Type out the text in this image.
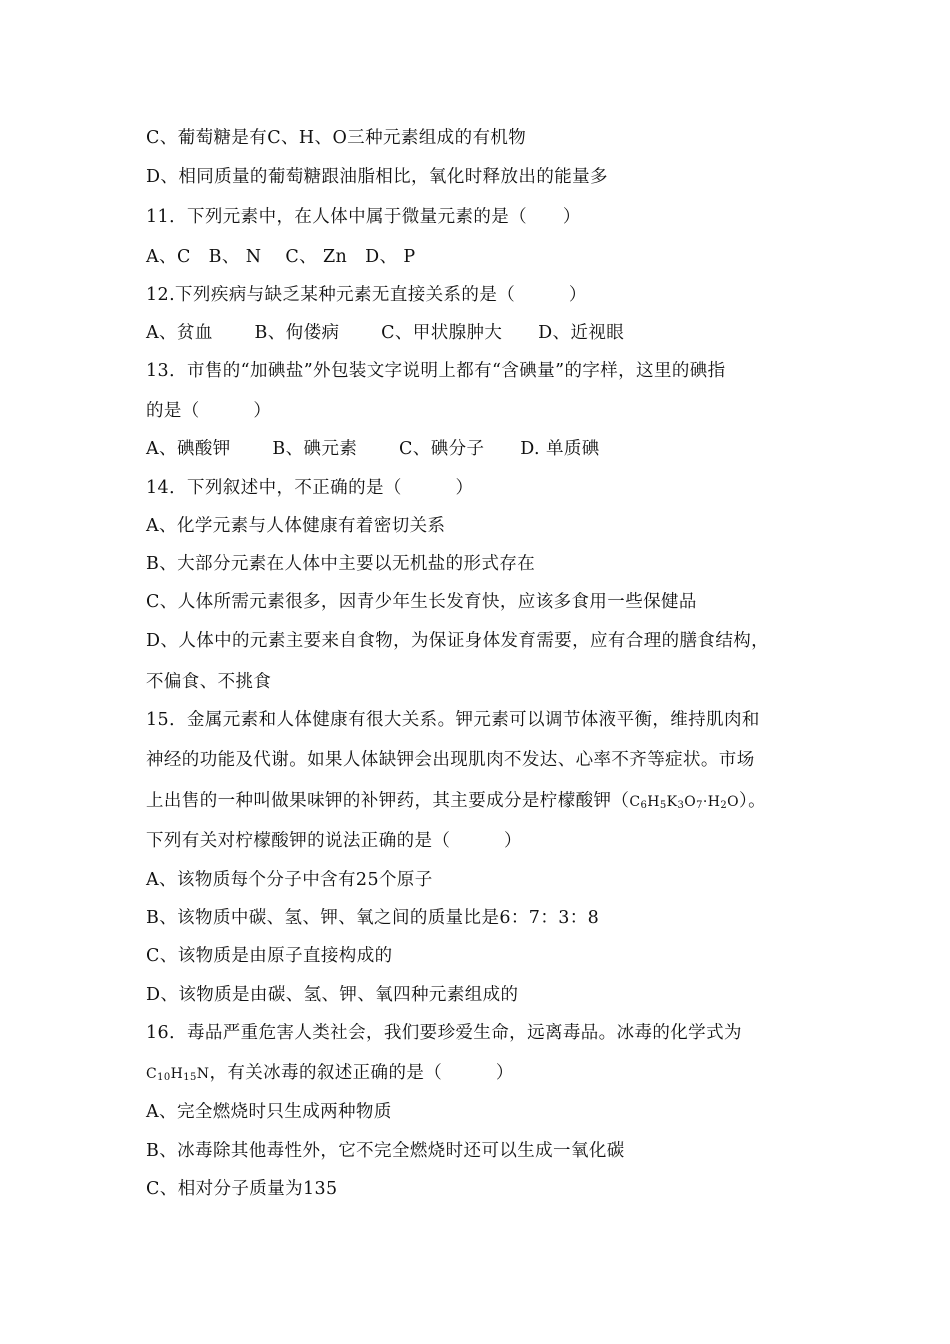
C、葡萄糖是有C、H、O三种元素组成的有机物
D、相同质量的葡萄糖跟油脂相比，氧化时释放出的能量多
11．下列元素中，在人体中属于微量元素的是（　　）
A、C　B、 N　 C、 Zn　D、 P
12.下列疾病与缺乏某种元素无直接关系的是（　　　）
A、贫血　　 B、佝偻病　　 C、甲状腺肿大　　D、近视眼
13．市售的“加碘盐”外包装文字说明上都有“含碘量”的字样，这里的碘指
的是（　　　）
A、碘酸钾　　 B、碘元素　　 C、碘分子　　D. 单质碘
14．下列叙述中，不正确的是（　　　）
A、化学元素与人体健康有着密切关系
B、大部分元素在人体中主要以无机盐的形式存在
C、人体所需元素很多，因青少年生长发育快，应该多食用一些保健品
D、人体中的元素主要来自食物，为保证身体发育需要，应有合理的膳食结构，
不偏食、不挑食
15．金属元素和人体健康有很大关系。钾元素可以调节体液平衡，维持肌肉和
神经的功能及代谢。如果人体缺钾会出现肌肉不发达、心率不齐等症状。市场
上出售的一种叫做果味钾的补钾药，其主要成分是柠檬酸钾$(C_6H_5K_3O_7\cdot H_2O)$。
下列有关对柠檬酸钾的说法正确的是（　　　）
A、该物质每个分子中含有25个原子
B、该物质中碳、氢、钾、氧之间的质量比是6：7：3：8
C、该物质是由原子直接构成的
D、该物质是由碳、氢、钾、氧四种元素组成的
16．毒品严重危害人类社会，我们要珍爱生命，远离毒品。冰毒的化学式为
$C_{10}H_{15}N$，有关冰毒的叙述正确的是（　　　）
A、完全燃烧时只生成两种物质
B、冰毒除其他毒性外，它不完全燃烧时还可以生成一氧化碳
C、相对分子质量为135
